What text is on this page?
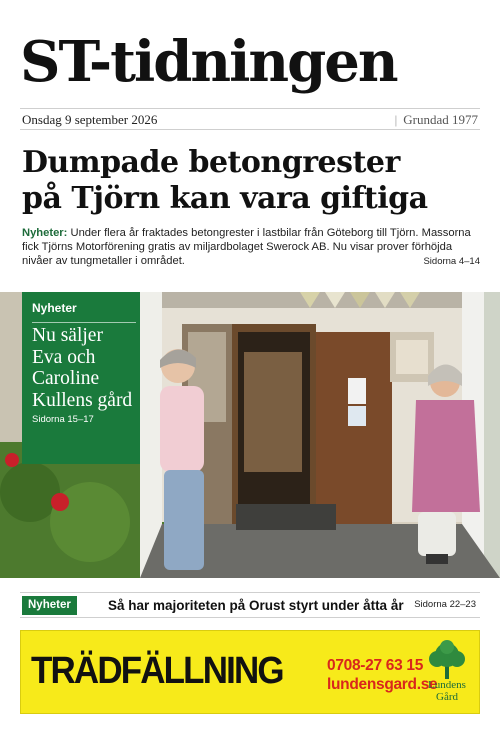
ST-tidningen
Onsdag 9 september 2026	| Grundad 1977
Dumpade betongrester
på Tjörn kan vara giftiga
Nyheter: Under flera år fraktades betongrester i lastbilar från Göteborg till Tjörn. Massorna fick Tjörns Motorförening gratis av miljardbolaget Swerock AB. Nu visar prover förhöjda nivåer av tungmetaller i området.	Sidorna 4–14
Nyheter
Nu säljer Eva och Caroline Kullens gård
Sidorna 15–17
Nyheter	Så har majoriteten på Orust styrt under åtta år Sidorna 22–23
TRÄDFÄLLNING	0708-27 63 15
lundensgard.se
Lundens
Gård
